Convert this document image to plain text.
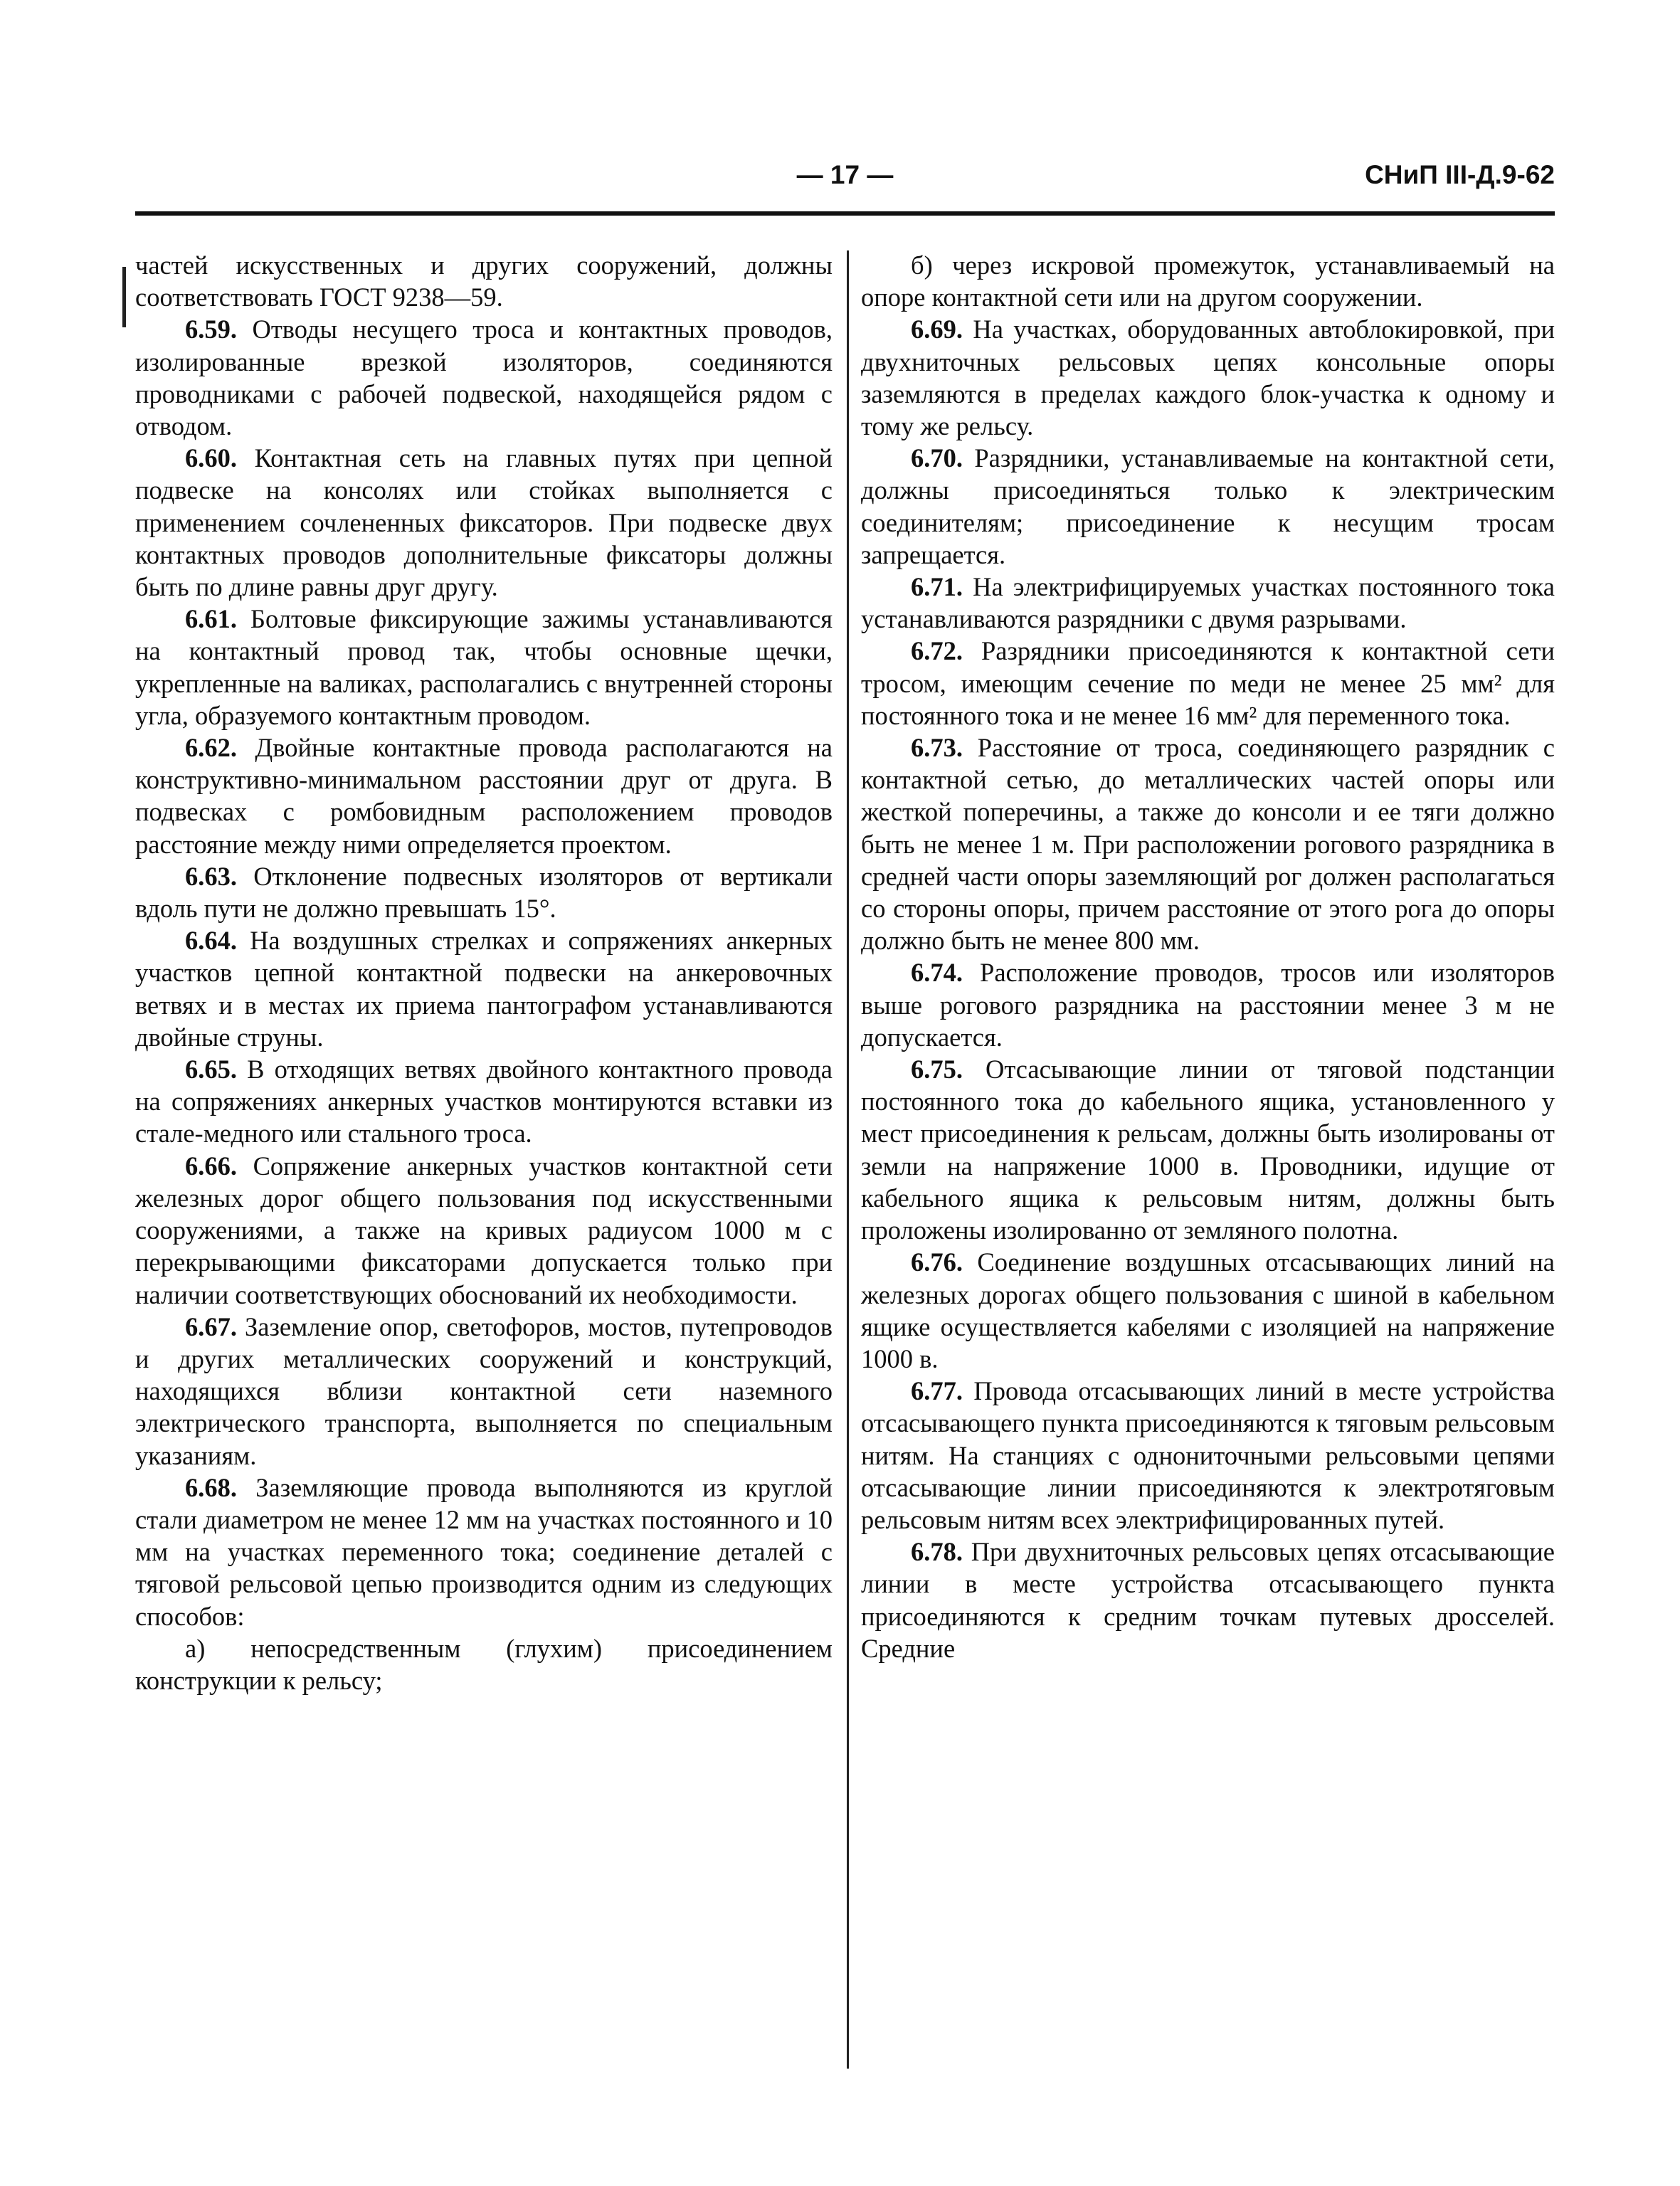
— 17 —	СНиП III-Д.9-62

частей искусственных и других сооружений, должны соответствовать ГОСТ 9238—59.

6.59. Отводы несущего троса и контактных проводов, изолированные врезкой изоляторов, соединяются проводниками с рабочей подвеской, находящейся рядом с отводом.

6.60. Контактная сеть на главных путях при цепной подвеске на консолях или стойках выполняется с применением сочлененных фиксаторов. При подвеске двух контактных проводов дополнительные фиксаторы должны быть по длине равны друг другу.

6.61. Болтовые фиксирующие зажимы устанавливаются на контактный провод так, чтобы основные щечки, укрепленные на валиках, располагались с внутренней стороны угла, образуемого контактным проводом.

6.62. Двойные контактные провода располагаются на конструктивно-минимальном расстоянии друг от друга. В подвесках с ромбовидным расположением проводов расстояние между ними определяется проектом.

6.63. Отклонение подвесных изоляторов от вертикали вдоль пути не должно превышать 15°.

6.64. На воздушных стрелках и сопряжениях анкерных участков цепной контактной подвески на анкеровочных ветвях и в местах их приема пантографом устанавливаются двойные струны.

6.65. В отходящих ветвях двойного контактного провода на сопряжениях анкерных участков монтируются вставки из стале-медного или стального троса.

6.66. Сопряжение анкерных участков контактной сети железных дорог общего пользования под искусственными сооружениями, а также на кривых радиусом 1000 м с перекрывающими фиксаторами допускается только при наличии соответствующих обоснований их необходимости.

6.67. Заземление опор, светофоров, мостов, путепроводов и других металлических сооружений и конструкций, находящихся вблизи контактной сети наземного электрического транспорта, выполняется по специальным указаниям.

6.68. Заземляющие провода выполняются из круглой стали диаметром не менее 12 мм на участках постоянного и 10 мм на участках переменного тока; соединение деталей с тяговой рельсовой цепью производится одним из следующих способов:

а) непосредственным (глухим) присоединением конструкции к рельсу;

б) через искровой промежуток, устанавливаемый на опоре контактной сети или на другом сооружении.

6.69. На участках, оборудованных автоблокировкой, при двухниточных рельсовых цепях консольные опоры заземляются в пределах каждого блок-участка к одному и тому же рельсу.

6.70. Разрядники, устанавливаемые на контактной сети, должны присоединяться только к электрическим соединителям; присоединение к несущим тросам запрещается.

6.71. На электрифицируемых участках постоянного тока устанавливаются разрядники с двумя разрывами.

6.72. Разрядники присоединяются к контактной сети тросом, имеющим сечение по меди не менее 25 мм² для постоянного тока и не менее 16 мм² для переменного тока.

6.73. Расстояние от троса, соединяющего разрядник с контактной сетью, до металлических частей опоры или жесткой поперечины, а также до консоли и ее тяги должно быть не менее 1 м. При расположении рогового разрядника в средней части опоры заземляющий рог должен располагаться со стороны опоры, причем расстояние от этого рога до опоры должно быть не менее 800 мм.

6.74. Расположение проводов, тросов или изоляторов выше рогового разрядника на расстоянии менее 3 м не допускается.

6.75. Отсасывающие линии от тяговой подстанции постоянного тока до кабельного ящика, установленного у мест присоединения к рельсам, должны быть изолированы от земли на напряжение 1000 в. Проводники, идущие от кабельного ящика к рельсовым нитям, должны быть проложены изолированно от земляного полотна.

6.76. Соединение воздушных отсасывающих линий на железных дорогах общего пользования с шиной в кабельном ящике осуществляется кабелями с изоляцией на напряжение 1000 в.

6.77. Провода отсасывающих линий в месте устройства отсасывающего пункта присоединяются к тяговым рельсовым нитям. На станциях с однониточными рельсовыми цепями отсасывающие линии присоединяются к электротяговым рельсовым нитям всех электрифицированных путей.

6.78. При двухниточных рельсовых цепях отсасывающие линии в месте устройства отсасывающего пункта присоединяются к средним точкам путевых дросселей. Средние
